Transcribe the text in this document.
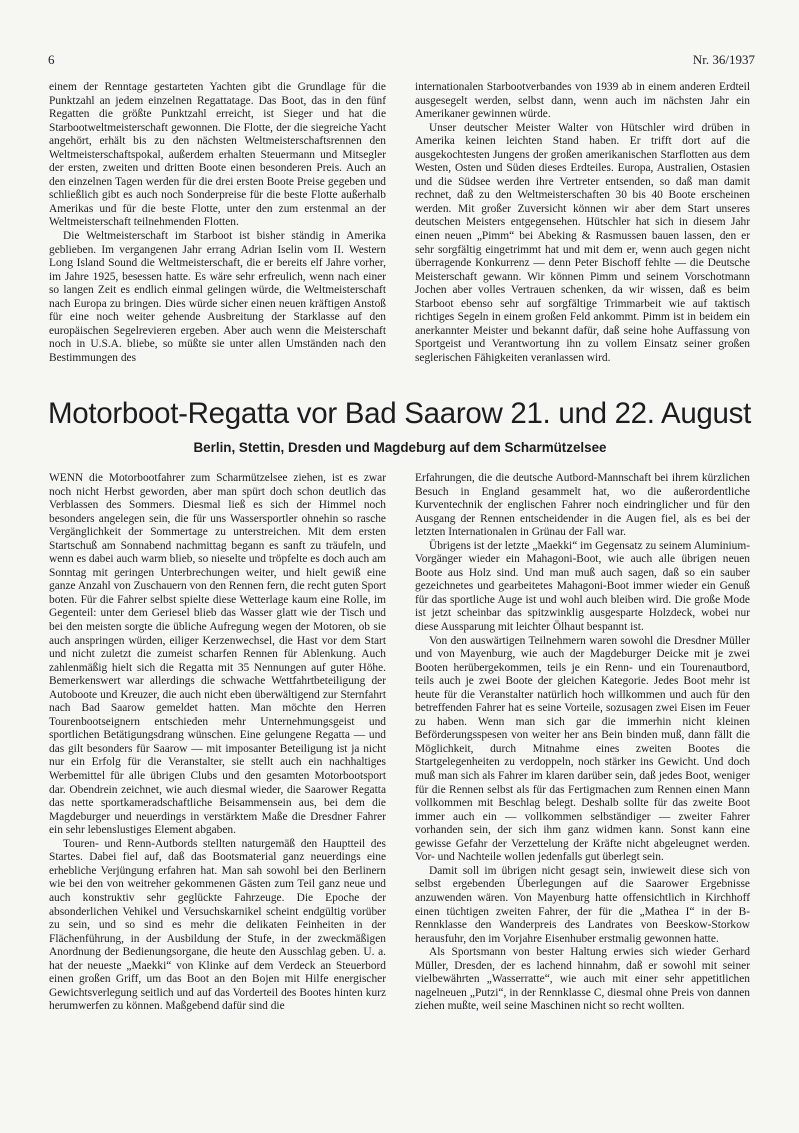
6	Nr. 36/1937

einem der Renntage gestarteten Yachten gibt die Grundlage für die Punktzahl an jedem einzelnen Regattatage. Das Boot, das in den fünf Regatten die größte Punktzahl erreicht, ist Sieger und hat die Starbootweltmeisterschaft gewonnen. Die Flotte, der die siegreiche Yacht angehört, erhält bis zu den nächsten Weltmeisterschaftsrennen den Weltmeisterschaftspokal, außerdem erhalten Steuermann und Mitsegler der ersten, zweiten und dritten Boote einen besonderen Preis. Auch an den einzelnen Tagen werden für die drei ersten Boote Preise gegeben und schließlich gibt es auch noch Sonderpreise für die beste Flotte außerhalb Amerikas und für die beste Flotte, unter den zum erstenmal an der Weltmeisterschaft teilnehmenden Flotten.

Die Weltmeisterschaft im Starboot ist bisher ständig in Amerika geblieben. Im vergangenen Jahr errang Adrian Iselin vom II. Western Long Island Sound die Weltmeisterschaft, die er bereits elf Jahre vorher, im Jahre 1925, besessen hatte. Es wäre sehr erfreulich, wenn nach einer so langen Zeit es endlich einmal gelingen würde, die Weltmeisterschaft nach Europa zu bringen. Dies würde sicher einen neuen kräftigen Anstoß für eine noch weiter gehende Ausbreitung der Starklasse auf den europäischen Segelrevieren ergeben. Aber auch wenn die Meisterschaft noch in U.S.A. bliebe, so müßte sie unter allen Umständen nach den Bestimmungen des

internationalen Starbootverbandes von 1939 ab in einem anderen Erdteil ausgesegelt werden, selbst dann, wenn auch im nächsten Jahr ein Amerikaner gewinnen würde.

Unser deutscher Meister Walter von Hütschler wird drüben in Amerika keinen leichten Stand haben. Er trifft dort auf die ausgekochtesten Jungens der großen amerikanischen Starflotten aus dem Westen, Osten und Süden dieses Erdteiles. Europa, Australien, Ostasien und die Südsee werden ihre Vertreter entsenden, so daß man damit rechnet, daß zu den Weltmeisterschaften 30 bis 40 Boote erscheinen werden. Mit großer Zuversicht können wir aber dem Start unseres deutschen Meisters entgegensehen. Hütschler hat sich in diesem Jahr einen neuen „Pimm“ bei Abeking & Rasmussen bauen lassen, den er sehr sorgfältig eingetrimmt hat und mit dem er, wenn auch gegen nicht überragende Konkurrenz — denn Peter Bischoff fehlte — die Deutsche Meisterschaft gewann. Wir können Pimm und seinem Vorschotmann Jochen aber volles Vertrauen schenken, da wir wissen, daß es beim Starboot ebenso sehr auf sorgfältige Trimmarbeit wie auf taktisch richtiges Segeln in einem großen Feld ankommt. Pimm ist in beidem ein anerkannter Meister und bekannt dafür, daß seine hohe Auffassung von Sportgeist und Verantwortung ihn zu vollem Einsatz seiner großen seglerischen Fähigkeiten veranlassen wird.

Motorboot-Regatta vor Bad Saarow 21. und 22. August
Berlin, Stettin, Dresden und Magdeburg auf dem Scharmützelsee

WENN die Motorbootfahrer zum Scharmützelsee ziehen, ist es zwar noch nicht Herbst geworden, aber man spürt doch schon deutlich das Verblassen des Sommers. Diesmal ließ es sich der Himmel noch besonders angelegen sein, die für uns Wassersportler ohnehin so rasche Vergänglichkeit der Sommertage zu unterstreichen. Mit dem ersten Startschuß am Sonnabend nachmittag begann es sanft zu träufeln, und wenn es dabei auch warm blieb, so nieselte und tröpfelte es doch auch am Sonntag mit geringen Unterbrechungen weiter, und hielt gewiß eine ganze Anzahl von Zuschauern von den Rennen fern, die recht guten Sport boten. Für die Fahrer selbst spielte diese Wetterlage kaum eine Rolle, im Gegenteil: unter dem Geriesel blieb das Wasser glatt wie der Tisch und bei den meisten sorgte die übliche Aufregung wegen der Motoren, ob sie auch anspringen würden, eiliger Kerzenwechsel, die Hast vor dem Start und nicht zuletzt die zumeist scharfen Rennen für Ablenkung. Auch zahlenmäßig hielt sich die Regatta mit 35 Nennungen auf guter Höhe. Bemerkenswert war allerdings die schwache Wettfahrtbeteiligung der Autoboote und Kreuzer, die auch nicht eben überwältigend zur Sternfahrt nach Bad Saarow gemeldet hatten. Man möchte den Herren Tourenbootseignern entschieden mehr Unternehmungsgeist und sportlichen Betätigungsdrang wünschen. Eine gelungene Regatta — und das gilt besonders für Saarow — mit imposanter Beteiligung ist ja nicht nur ein Erfolg für die Veranstalter, sie stellt auch ein nachhaltiges Werbemittel für alle übrigen Clubs und den gesamten Motorbootsport dar. Obendrein zeichnet, wie auch diesmal wieder, die Saarower Regatta das nette sportkameradschaftliche Beisammensein aus, bei dem die Magdeburger und neuerdings in verstärktem Maße die Dresdner Fahrer ein sehr lebenslustiges Element abgaben.

Touren- und Renn-Autbords stellten naturgemäß den Hauptteil des Startes. Dabei fiel auf, daß das Bootsmaterial ganz neuerdings eine erhebliche Verjüngung erfahren hat. Man sah sowohl bei den Berlinern wie bei den von weitreher gekommenen Gästen zum Teil ganz neue und auch konstruktiv sehr geglückte Fahrzeuge. Die Epoche der absonderlichen Vehikel und Versuchskarnikel scheint endgültig vorüber zu sein, und so sind es mehr die delikaten Feinheiten in der Flächenführung, in der Ausbildung der Stufe, in der zweckmäßigen Anordnung der Bedienungsorgane, die heute den Ausschlag geben. U. a. hat der neueste „Maekki“ von Klinke auf dem Verdeck an Steuerbord einen großen Griff, um das Boot an den Bojen mit Hilfe energischer Gewichtsverlegung seitlich und auf das Vorderteil des Bootes hinten kurz herumwerfen zu können. Maßgebend dafür sind die

Erfahrungen, die die deutsche Autbord-Mannschaft bei ihrem kürzlichen Besuch in England gesammelt hat, wo die außerordentliche Kurventechnik der englischen Fahrer noch eindringlicher und für den Ausgang der Rennen entscheidender in die Augen fiel, als es bei der letzten Internationalen in Grünau der Fall war.

Übrigens ist der letzte „Maekki“ im Gegensatz zu seinem Aluminium-Vorgänger wieder ein Mahagoni-Boot, wie auch alle übrigen neuen Boote aus Holz sind. Und man muß auch sagen, daß so ein sauber gezeichnetes und gearbeitetes Mahagoni-Boot immer wieder ein Genuß für das sportliche Auge ist und wohl auch bleiben wird. Die große Mode ist jetzt scheinbar das spitzwinklig ausgesparte Holzdeck, wobei nur diese Aussparung mit leichter Ölhaut bespannt ist.

Von den auswärtigen Teilnehmern waren sowohl die Dresdner Müller und von Mayenburg, wie auch der Magdeburger Deicke mit je zwei Booten herübergekommen, teils je ein Renn- und ein Tourenautbord, teils auch je zwei Boote der gleichen Kategorie. Jedes Boot mehr ist heute für die Veranstalter natürlich hoch willkommen und auch für den betreffenden Fahrer hat es seine Vorteile, sozusagen zwei Eisen im Feuer zu haben. Wenn man sich gar die immerhin nicht kleinen Beförderungsspesen von weiter her ans Bein binden muß, dann fällt die Möglichkeit, durch Mitnahme eines zweiten Bootes die Startgelegenheiten zu verdoppeln, noch stärker ins Gewicht. Und doch muß man sich als Fahrer im klaren darüber sein, daß jedes Boot, weniger für die Rennen selbst als für das Fertigmachen zum Rennen einen Mann vollkommen mit Beschlag belegt. Deshalb sollte für das zweite Boot immer auch ein — vollkommen selbständiger — zweiter Fahrer vorhanden sein, der sich ihm ganz widmen kann. Sonst kann eine gewisse Gefahr der Verzettelung der Kräfte nicht abgeleugnet werden. Vor- und Nachteile wollen jedenfalls gut überlegt sein.

Damit soll im übrigen nicht gesagt sein, inwieweit diese sich von selbst ergebenden Überlegungen auf die Saarower Ergebnisse anzuwenden wären. Von Mayenburg hatte offensichtlich in Kirchhoff einen tüchtigen zweiten Fahrer, der für die „Mathea I“ in der B-Rennklasse den Wanderpreis des Landrates von Beeskow-Storkow herausfuhr, den im Vorjahre Eisenhuber erstmalig gewonnen hatte.

Als Sportsmann von bester Haltung erwies sich wieder Gerhard Müller, Dresden, der es lachend hinnahm, daß er sowohl mit seiner vielbewährten „Wasserratte“, wie auch mit einer sehr appetitlichen nagelneuen „Putzi“, in der Rennklasse C, diesmal ohne Preis von dannen ziehen mußte, weil seine Maschinen nicht so recht wollten.
